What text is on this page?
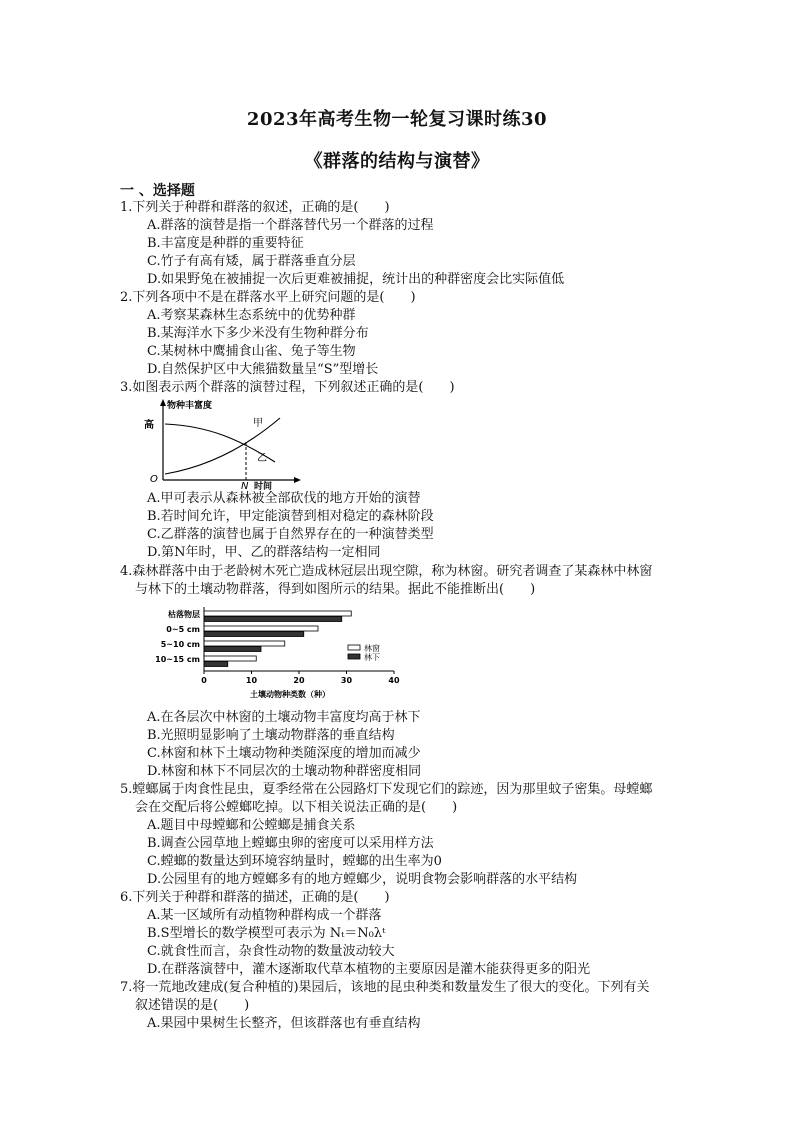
2023年高考生物一轮复习课时练30
《群落的结构与演替》
一 、选择题
1.下列关于种群和群落的叙述，正确的是(　　)
A.群落的演替是指一个群落替代另一个群落的过程
B.丰富度是种群的重要特征
C.竹子有高有矮，属于群落垂直分层
D.如果野兔在被捕捉一次后更难被捕捉，统计出的种群密度会比实际值低
2.下列各项中不是在群落水平上研究问题的是(　　)
A.考察某森林生态系统中的优势种群
B.某海洋水下多少米没有生物种群分布
C.某树林中鹰捕食山雀、兔子等生物
D.自然保护区中大熊猫数量呈“S”型增长
3.如图表示两个群落的演替过程，下列叙述正确的是(　　)
物种丰富度
高
O
N 时间
甲
乙
A.甲可表示从森林被全部砍伐的地方开始的演替
B.若时间允许，甲定能演替到相对稳定的森林阶段
C.乙群落的演替也属于自然界存在的一种演替类型
D.第N年时，甲、乙的群落结构一定相同
4.森林群落中由于老龄树木死亡造成林冠层出现空隙，称为林窗。研究者调查了某森林中林窗
与林下的土壤动物群落，得到如图所示的结果。据此不能推断出(　　)
枯落物层
0~5 cm
5~10 cm
10~15 cm
0	10	20	30	40
土壤动物种类数（种）
林窗
林下
A.在各层次中林窗的土壤动物丰富度均高于林下
B.光照明显影响了土壤动物群落的垂直结构
C.林窗和林下土壤动物种类随深度的增加而减少
D.林窗和林下不同层次的土壤动物种群密度相同
5.螳螂属于肉食性昆虫，夏季经常在公园路灯下发现它们的踪迹，因为那里蚊子密集。母螳螂
会在交配后将公螳螂吃掉。以下相关说法正确的是(　　)
A.题目中母螳螂和公螳螂是捕食关系
B.调查公园草地上螳螂虫卵的密度可以采用样方法
C.螳螂的数量达到环境容纳量时，螳螂的出生率为0
D.公园里有的地方螳螂多有的地方螳螂少，说明食物会影响群落的水平结构
6.下列关于种群和群落的描述，正确的是(　　)
A.某一区域所有动植物种群构成一个群落
B.S型增长的数学模型可表示为 Nₜ＝N₀λᵗ
C.就食性而言，杂食性动物的数量波动较大
D.在群落演替中，灌木逐渐取代草本植物的主要原因是灌木能获得更多的阳光
7.将一荒地改建成(复合种植的)果园后，该地的昆虫种类和数量发生了很大的变化。下列有关
叙述错误的是(　　)
A.果园中果树生长整齐，但该群落也有垂直结构
